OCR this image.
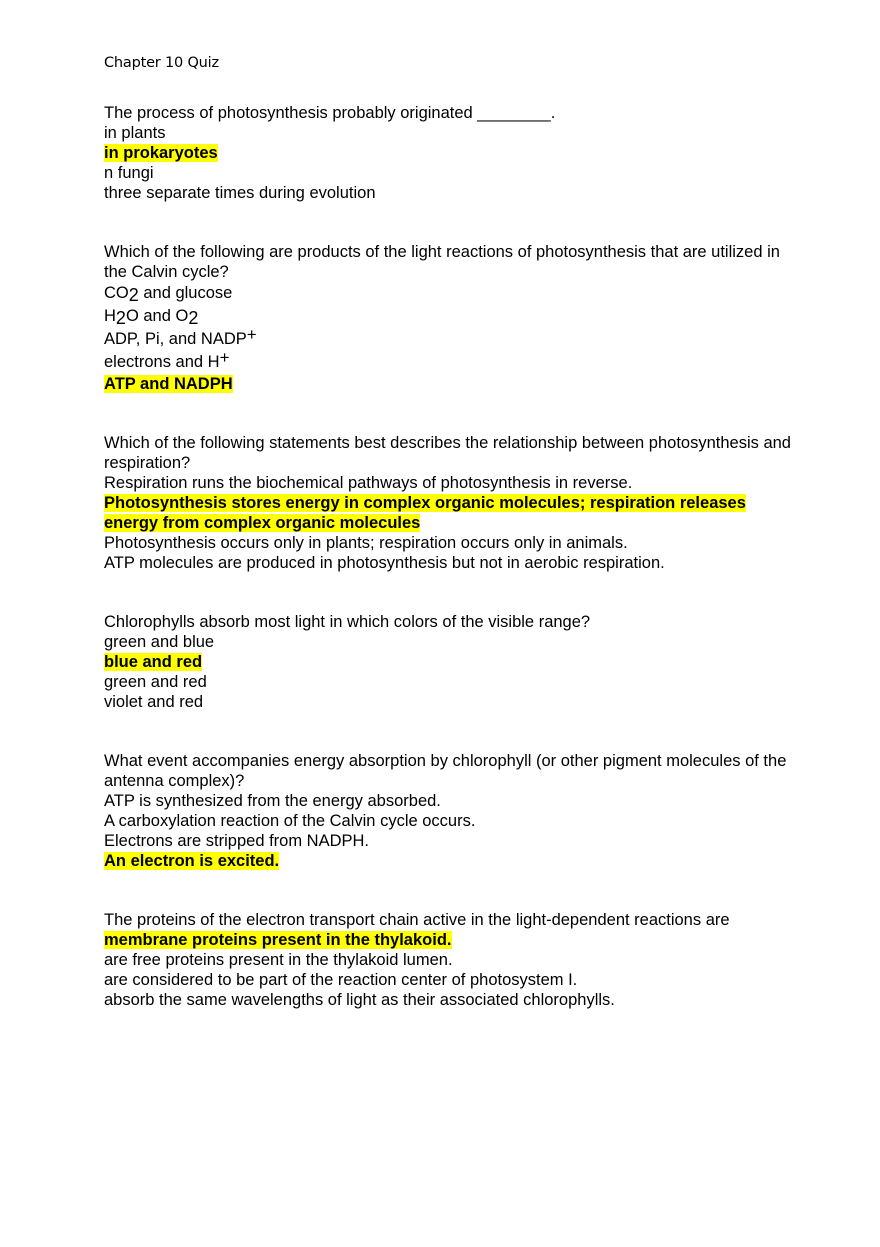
Chapter 10 Quiz
The process of photosynthesis probably originated ________.
in plants
in prokaryotes
n fungi
three separate times during evolution
Which of the following are products of the light reactions of photosynthesis that are utilized in the Calvin cycle?
$CO_2$ and glucose
$H_2O$ and $O_2$
ADP, Pi, and NADP+
electrons and H+
ATP and NADPH
Which of the following statements best describes the relationship between photosynthesis and respiration?
Respiration runs the biochemical pathways of photosynthesis in reverse.
Photosynthesis stores energy in complex organic molecules; respiration releases energy from complex organic molecules
Photosynthesis occurs only in plants; respiration occurs only in animals.
ATP molecules are produced in photosynthesis but not in aerobic respiration.
Chlorophylls absorb most light in which colors of the visible range?
green and blue
blue and red
green and red
violet and red
What event accompanies energy absorption by chlorophyll (or other pigment molecules of the antenna complex)?
ATP is synthesized from the energy absorbed.
A carboxylation reaction of the Calvin cycle occurs.
Electrons are stripped from NADPH.
An electron is excited.
The proteins of the electron transport chain active in the light-dependent reactions are
membrane proteins present in the thylakoid.
are free proteins present in the thylakoid lumen.
are considered to be part of the reaction center of photosystem I.
absorb the same wavelengths of light as their associated chlorophylls.
